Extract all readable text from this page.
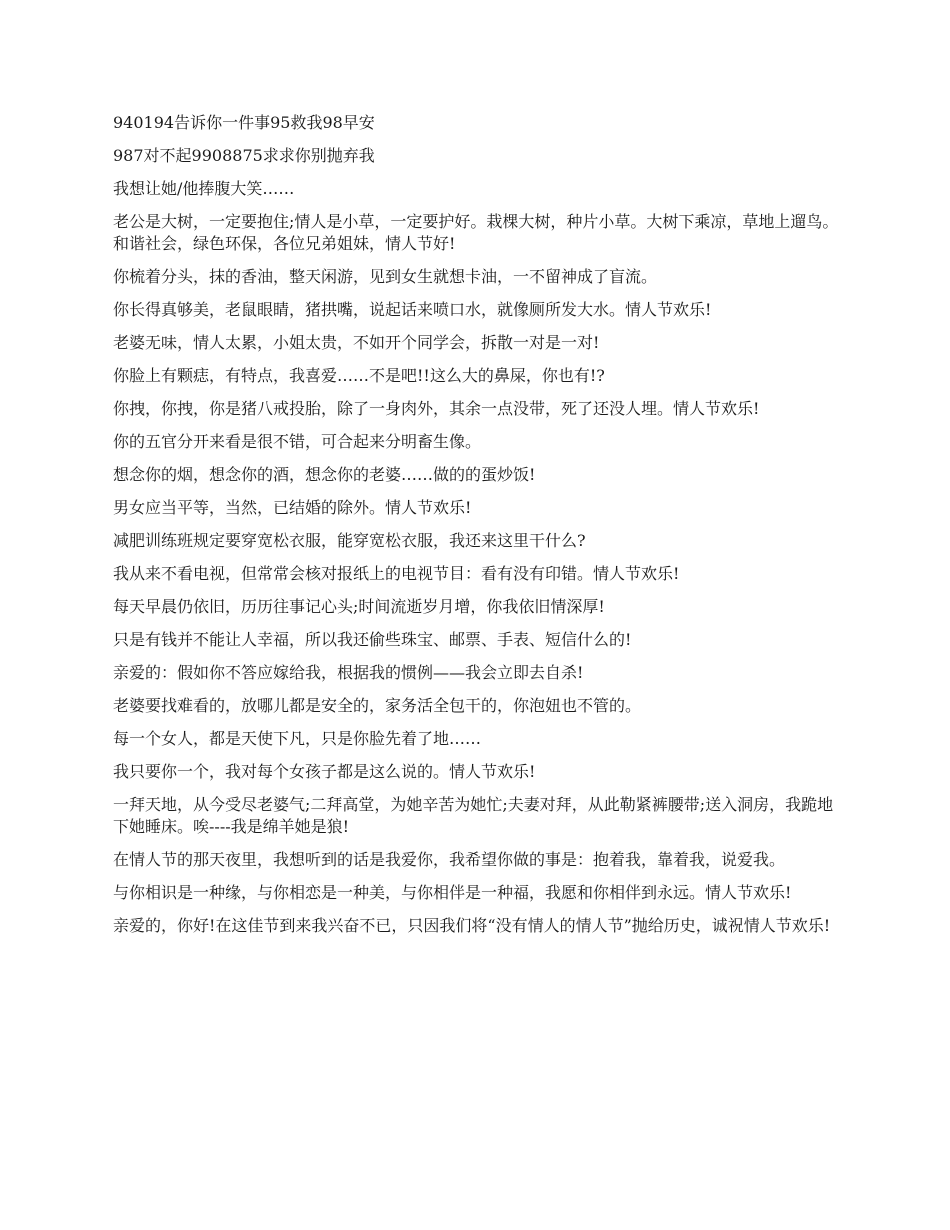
940194告诉你一件事95救我98早安

987对不起9908875求求你别抛弃我

我想让她/他捧腹大笑……

老公是大树，一定要抱住;情人是小草，一定要护好。栽棵大树，种片小草。大树下乘凉，草地上遛鸟。和谐社会，绿色环保，各位兄弟姐妹，情人节好!

你梳着分头，抹的香油，整天闲游，见到女生就想卡油，一不留神成了盲流。

你长得真够美，老鼠眼睛，猪拱嘴，说起话来喷口水，就像厕所发大水。情人节欢乐!

老婆无味，情人太累，小姐太贵，不如开个同学会，拆散一对是一对!

你脸上有颗痣，有特点，我喜爱……不是吧!!这么大的鼻屎，你也有!?

你拽，你拽，你是猪八戒投胎，除了一身肉外，其余一点没带，死了还没人埋。情人节欢乐!

你的五官分开来看是很不错，可合起来分明畜生像。

想念你的烟，想念你的酒，想念你的老婆……做的的蛋炒饭!

男女应当平等，当然，已结婚的除外。情人节欢乐!

减肥训练班规定要穿宽松衣服，能穿宽松衣服，我还来这里干什么?

我从来不看电视，但常常会核对报纸上的电视节目：看有没有印错。情人节欢乐!

每天早晨仍依旧，历历往事记心头;时间流逝岁月增，你我依旧情深厚!

只是有钱并不能让人幸福，所以我还偷些珠宝、邮票、手表、短信什么的!

亲爱的：假如你不答应嫁给我，根据我的惯例——我会立即去自杀!

老婆要找难看的，放哪儿都是安全的，家务活全包干的，你泡妞也不管的。

每一个女人，都是天使下凡，只是你脸先着了地……

我只要你一个，我对每个女孩子都是这么说的。情人节欢乐!

一拜天地，从今受尽老婆气;二拜高堂，为她辛苦为她忙;夫妻对拜，从此勒紧裤腰带;送入洞房，我跪地下她睡床。唉----我是绵羊她是狼!

在情人节的那天夜里，我想听到的话是我爱你，我希望你做的事是：抱着我，靠着我，说爱我。

与你相识是一种缘，与你相恋是一种美，与你相伴是一种福，我愿和你相伴到永远。情人节欢乐!

亲爱的，你好!在这佳节到来我兴奋不已，只因我们将“没有情人的情人节”抛给历史，诚祝情人节欢乐!
